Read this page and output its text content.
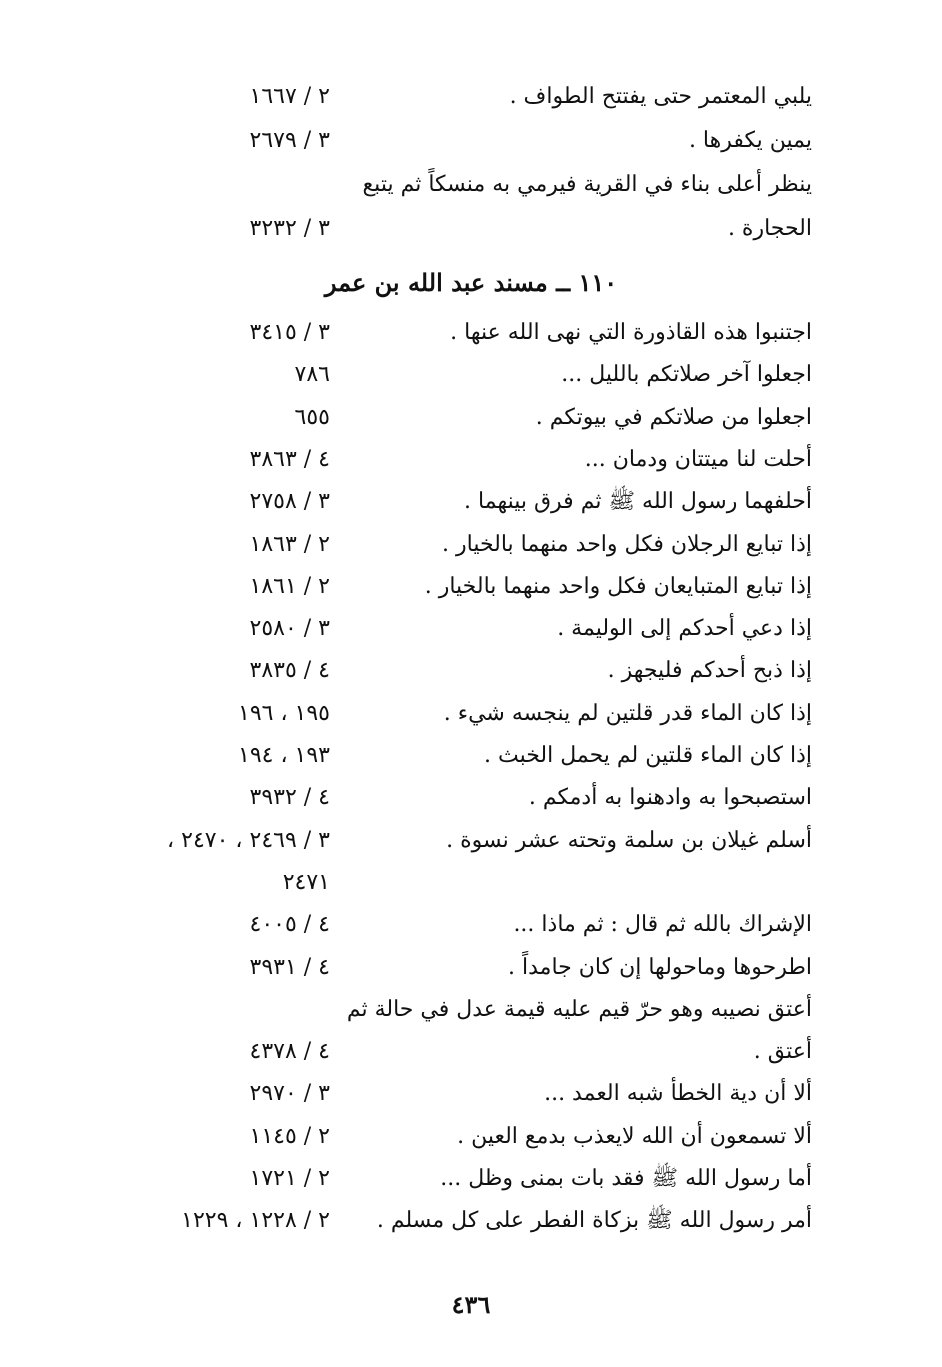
يلبي المعتمر حتى يفتتح الطواف .
٢ / ١٦٦٧
يمين يكفرها .
٣ / ٢٦٧٩
ينظر أعلى بناء في القرية فيرمي به منسكاً ثم يتبع
الحجارة .
٣ / ٣٢٣٢
١١٠ ــ مسند عبد الله بن عمر
اجتنبوا هذه القاذورة التي نهى الله عنها .
٣ / ٣٤١٥
اجعلوا آخر صلاتكم بالليل ...
٧٨٦
اجعلوا من صلاتكم في بيوتكم .
٦٥٥
أحلت لنا ميتتان ودمان ...
٤ / ٣٨٦٣
أحلفهما رسول الله ﷺ ثم فرق بينهما .
٣ / ٢٧٥٨
إذا تبايع الرجلان فكل واحد منهما بالخيار .
٢ / ١٨٦٣
إذا تبايع المتبايعان فكل واحد منهما بالخيار .
٢ / ١٨٦١
إذا دعي أحدكم إلى الوليمة .
٣ / ٢٥٨٠
إذا ذبح أحدكم فليجهز .
٤ / ٣٨٣٥
إذا كان الماء قدر قلتين لم ينجسه شيء .
١٩٥ ، ١٩٦
إذا كان الماء قلتين لم يحمل الخبث .
١٩٣ ، ١٩٤
استصبحوا به وادهنوا به أدمكم .
٤ / ٣٩٣٢
أسلم غيلان بن سلمة وتحته عشر نسوة .
٣ / ٢٤٦٩ ، ٢٤٧٠ ،
٢٤٧١
الإشراك بالله ثم قال : ثم ماذا ...
٤ / ٤٠٠٥
اطرحوها وماحولها إن كان جامداً .
٤ / ٣٩٣١
أعتق نصيبه وهو حرّ قيم عليه قيمة عدل في حالة ثم
أعتق .
٤ / ٤٣٧٨
ألا أن دية الخطأ شبه العمد ...
٣ / ٢٩٧٠
ألا تسمعون أن الله لايعذب بدمع العين .
٢ / ١١٤٥
أما رسول الله ﷺ فقد بات بمنى وظل ...
٢ / ١٧٢١
أمر رسول الله ﷺ بزكاة الفطر على كل مسلم .
٢ / ١٢٢٨ ، ١٢٢٩
٤٣٦
